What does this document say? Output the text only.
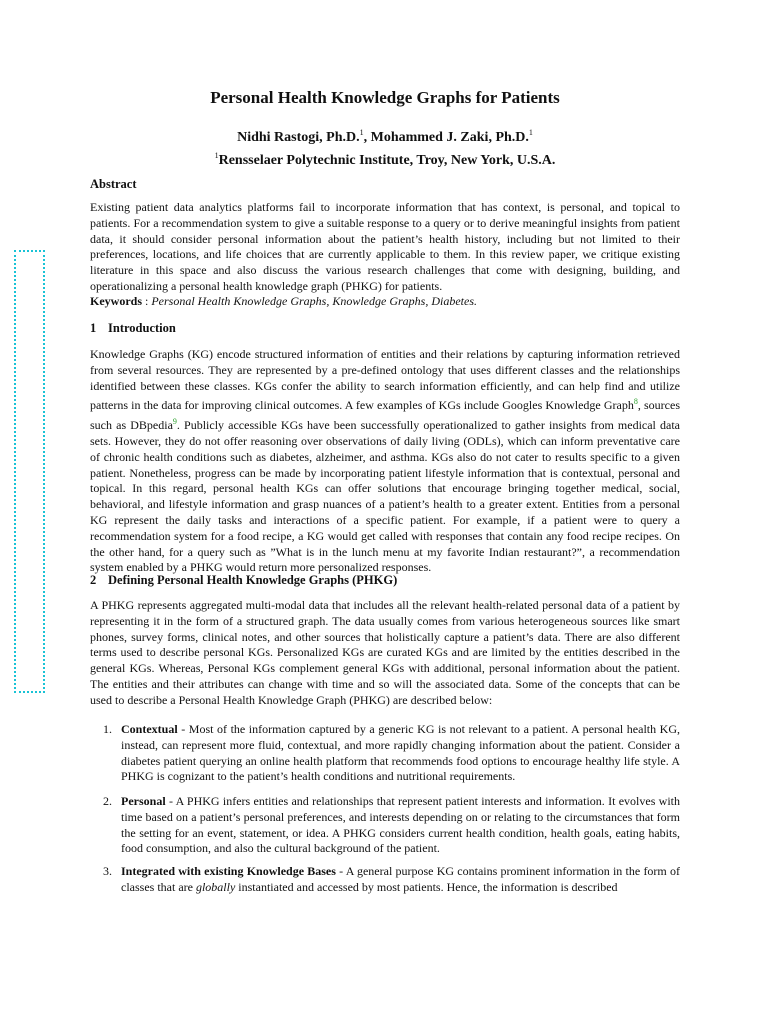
Personal Health Knowledge Graphs for Patients
Nidhi Rastogi, Ph.D.$^1$, Mohammed J. Zaki, Ph.D.$^1$
$^1$Rensselaer Polytechnic Institute, Troy, New York, U.S.A.
Abstract
Existing patient data analytics platforms fail to incorporate information that has context, is personal, and topical to patients. For a recommendation system to give a suitable response to a query or to derive meaningful insights from patient data, it should consider personal information about the patient’s health history, including but not limited to their preferences, locations, and life choices that are currently applicable to them. In this review paper, we critique existing literature in this space and also discuss the various research challenges that come with designing, building, and operationalizing a personal health knowledge graph (PHKG) for patients.
Keywords : Personal Health Knowledge Graphs, Knowledge Graphs, Diabetes.
1 Introduction
Knowledge Graphs (KG) encode structured information of entities and their relations by capturing information retrieved from several resources. They are represented by a pre-defined ontology that uses different classes and the relationships identified between these classes. KGs confer the ability to search information efficiently, and can help find and utilize patterns in the data for improving clinical outcomes. A few examples of KGs include Googles Knowledge Graph$^8$, sources such as DBpedia$^9$. Publicly accessible KGs have been successfully operationalized to gather insights from medical data sets. However, they do not offer reasoning over observations of daily living (ODLs), which can inform preventative care of chronic health conditions such as diabetes, alzheimer, and asthma. KGs also do not cater to results specific to a given patient. Nonetheless, progress can be made by incorporating patient lifestyle information that is contextual, personal and topical. In this regard, personal health KGs can offer solutions that encourage bringing together medical, social, behavioral, and lifestyle information and grasp nuances of a patient’s health to a greater extent. Entities from a personal KG represent the daily tasks and interactions of a specific patient. For example, if a patient were to query a recommendation system for a food recipe, a KG would get called with responses that contain any food recipe recipes. On the other hand, for a query such as ”What is in the lunch menu at my favorite Indian restaurant?”, a recommendation system enabled by a PHKG would return more personalized responses.
2 Defining Personal Health Knowledge Graphs (PHKG)
A PHKG represents aggregated multi-modal data that includes all the relevant health-related personal data of a patient by representing it in the form of a structured graph. The data usually comes from various heterogeneous sources like smart phones, survey forms, clinical notes, and other sources that holistically capture a patient’s data. There are also different terms used to describe personal KGs. Personalized KGs are curated KGs and are limited by the entities described in the general KGs. Whereas, Personal KGs complement general KGs with additional, personal information about the patient. The entities and their attributes can change with time and so will the associated data. Some of the concepts that can be used to describe a Personal Health Knowledge Graph (PHKG) are described below:
1. Contextual - Most of the information captured by a generic KG is not relevant to a patient. A personal health KG, instead, can represent more fluid, contextual, and more rapidly changing information about the patient. Consider a diabetes patient querying an online health platform that recommends food options to encourage healthy life style. A PHKG is cognizant to the patient’s health conditions and nutritional requirements.
2. Personal - A PHKG infers entities and relationships that represent patient interests and information. It evolves with time based on a patient’s personal preferences, and interests depending on or relating to the circumstances that form the setting for an event, statement, or idea. A PHKG considers current health condition, health goals, eating habits, food consumption, and also the cultural background of the patient.
3. Integrated with existing Knowledge Bases - A general purpose KG contains prominent information in the form of classes that are globally instantiated and accessed by most patients. Hence, the information is described
